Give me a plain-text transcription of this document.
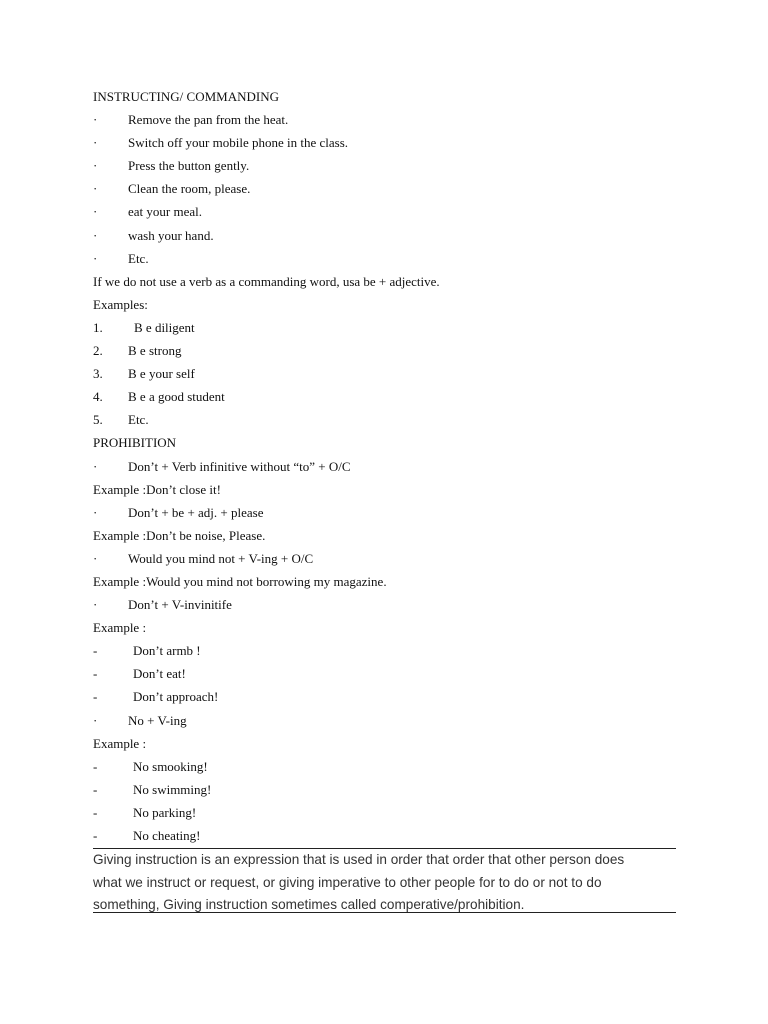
INSTRUCTING/ COMMANDING
· Remove the pan from the heat.
· Switch off your mobile phone in the class.
· Press the button gently.
· Clean the room, please.
· eat your meal.
· wash your hand.
· Etc.
If we do not use a verb as a commanding word, usa be + adjective.
Examples:
1. B e diligent
2. B e strong
3. B e your self
4. B e a good student
5. Etc.
PROHIBITION
· Don’t + Verb infinitive without “to” + O/C
Example :Don’t close it!
· Don’t + be + adj. + please
Example :Don’t be noise, Please.
· Would you mind not + V-ing + O/C
Example :Would you mind not borrowing my magazine.
· Don’t + V-invinitife
Example :
-	Don’t armb !
-	Don’t eat!
-	Don’t approach!
· No + V-ing
Example :
-	No smooking!
-	No swimming!
-	No parking!
-	No cheating!
Giving instruction is an expression that is used in order that order that other person does
what we instruct or request, or giving imperative to other people for to do or not to do
something, Giving instruction sometimes called comperative/prohibition.
